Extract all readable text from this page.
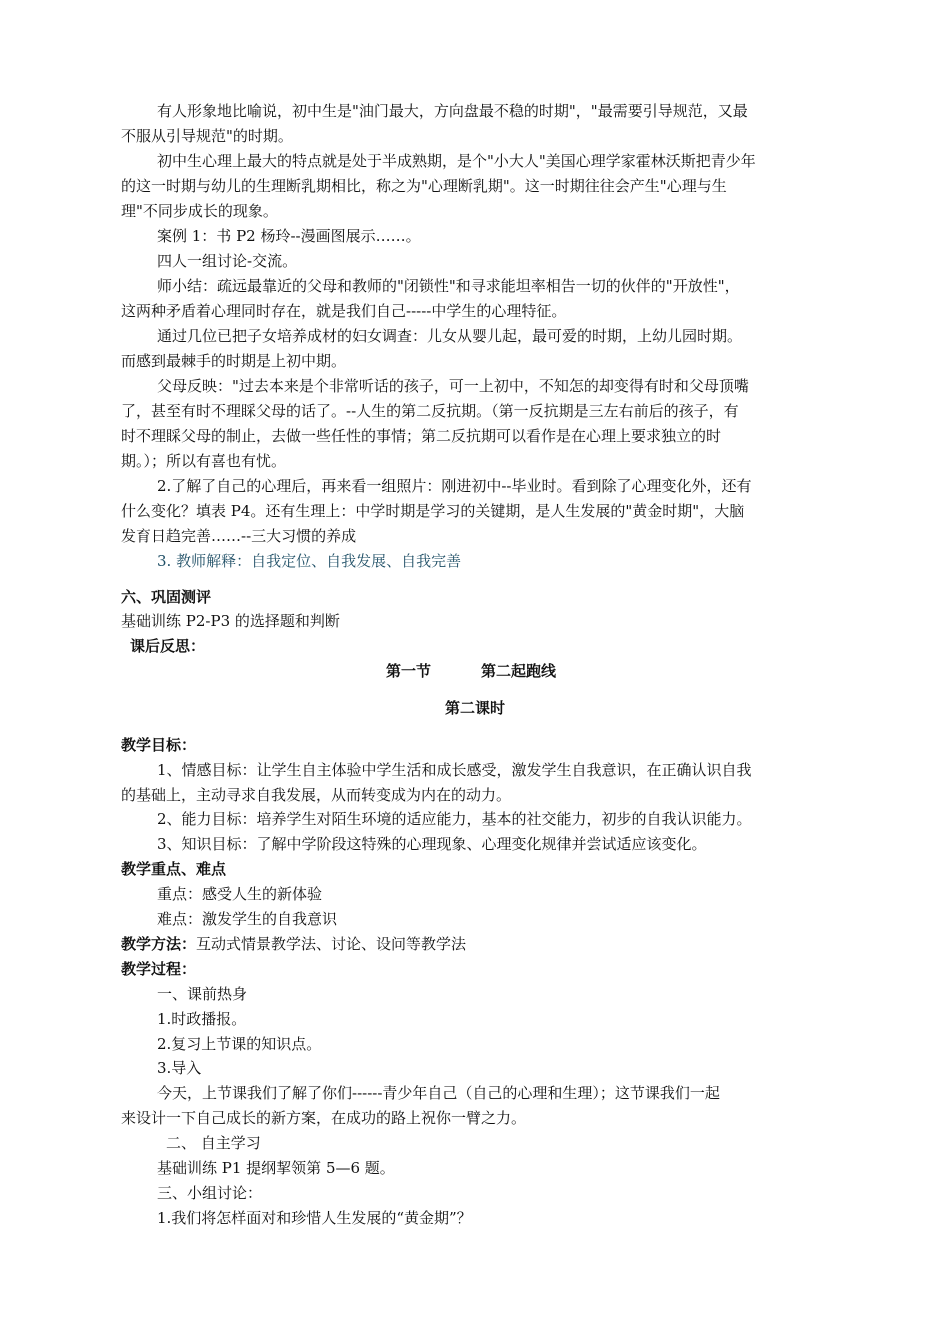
有人形象地比喻说，初中生是"油门最大，方向盘最不稳的时期"，"最需要引导规范，又最
不服从引导规范"的时期。
初中生心理上最大的特点就是处于半成熟期，是个"小大人"美国心理学家霍林沃斯把青少年
的这一时期与幼儿的生理断乳期相比，称之为"心理断乳期"。这一时期往往会产生"心理与生
理"不同步成长的现象。
案例 1：书 P2 杨玲--漫画图展示……。
四人一组讨论-交流。
师小结：疏远最靠近的父母和教师的"闭锁性"和寻求能坦率相告一切的伙伴的"开放性"，
这两种矛盾着心理同时存在，就是我们自己-----中学生的心理特征。
通过几位已把子女培养成材的妇女调查：儿女从婴儿起，最可爱的时期，上幼儿园时期。
而感到最棘手的时期是上初中期。
父母反映："过去本来是个非常听话的孩子，可一上初中，不知怎的却变得有时和父母顶嘴
了，甚至有时不理睬父母的话了。--人生的第二反抗期。（第一反抗期是三左右前后的孩子，有
时不理睬父母的制止，去做一些任性的事情；第二反抗期可以看作是在心理上要求独立的时
期。）；所以有喜也有忧。
2.了解了自己的心理后，再来看一组照片：刚进初中--毕业时。看到除了心理变化外，还有
什么变化？填表 P4。还有生理上：中学时期是学习的关键期，是人生发展的"黄金时期"，大脑
发育日趋完善……--三大习惯的养成
3. 教师解释：自我定位、自我发展、自我完善
六、巩固测评
基础训练 P2-P3 的选择题和判断
课后反思：
第一节	第二起跑线
第二课时
教学目标：
1、情感目标：让学生自主体验中学生活和成长感受，激发学生自我意识，在正确认识自我
的基础上，主动寻求自我发展，从而转变成为内在的动力。
2、能力目标：培养学生对陌生环境的适应能力，基本的社交能力，初步的自我认识能力。
3、知识目标：了解中学阶段这特殊的心理现象、心理变化规律并尝试适应该变化。
教学重点、难点
重点：感受人生的新体验
难点：激发学生的自我意识
教学方法：互动式情景教学法、讨论、设问等教学法
教学过程：
一、课前热身
1.时政播报。
2.复习上节课的知识点。
3.导入
今天，上节课我们了解了你们------青少年自己（自己的心理和生理）；这节课我们一起
来设计一下自己成长的新方案，在成功的路上祝你一臂之力。
二、 自主学习
基础训练 P1 提纲挈领第 5—6 题。
三、小组讨论：
1.我们将怎样面对和珍惜人生发展的“黄金期”？
